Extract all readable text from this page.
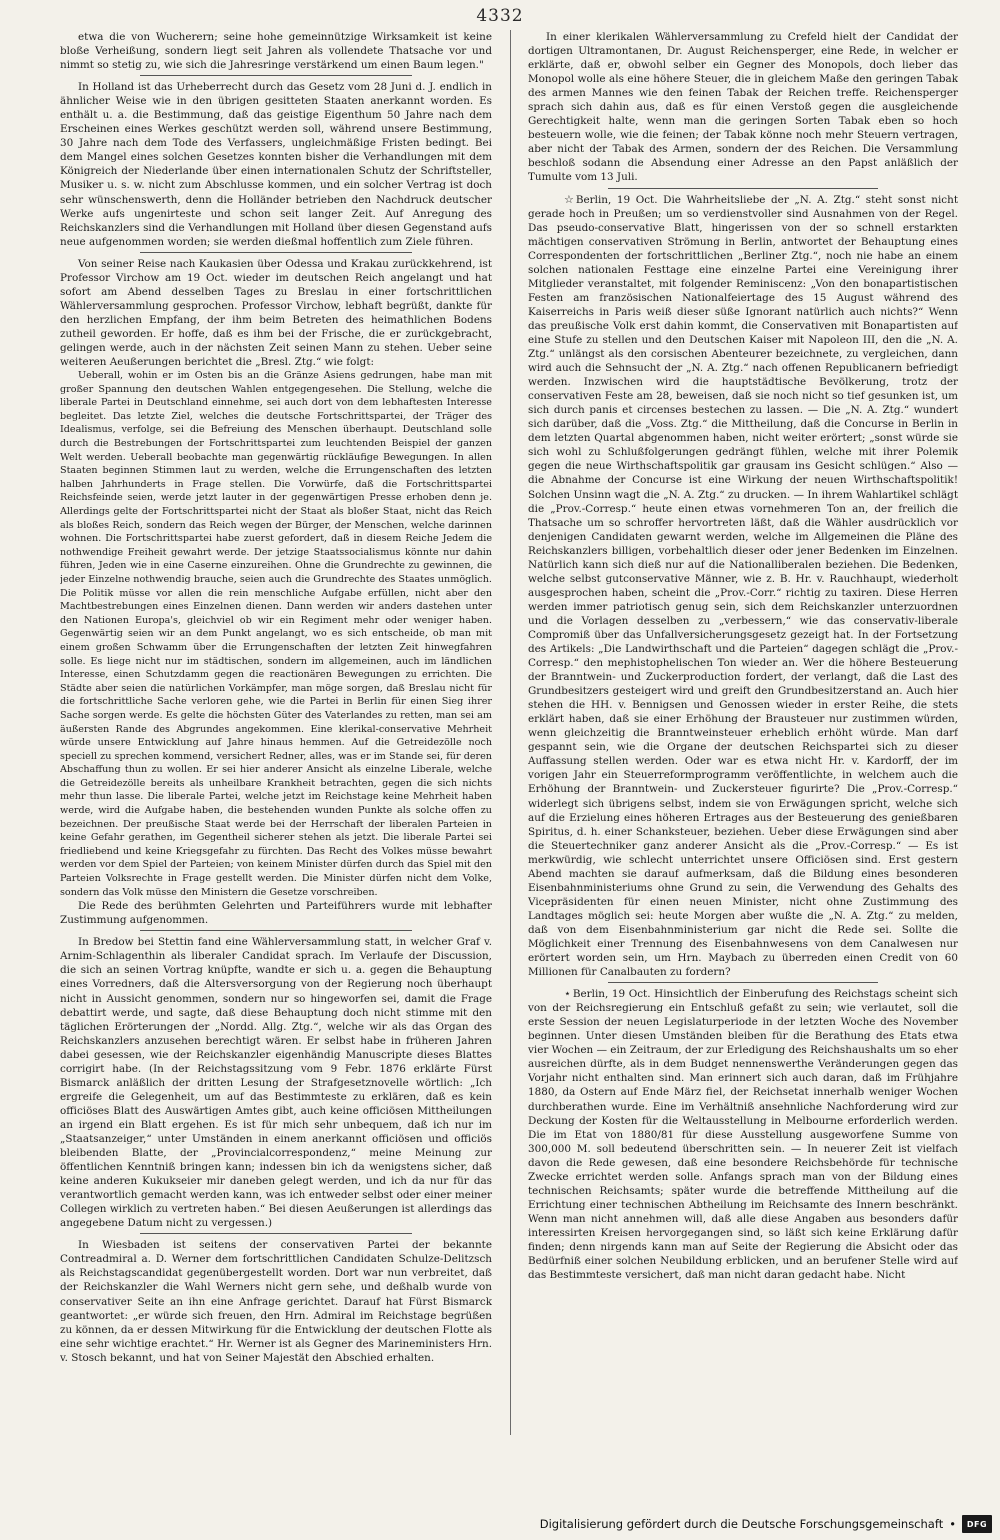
4332

etwa die von Wucherern; seine hohe gemeinnützige Wirksamkeit ist keine bloße Verheißung, sondern liegt seit Jahren als vollendete Thatsache vor und nimmt so stetig zu, wie sich die Jahresringe verstärkend um einen Baum legen."

In Holland ist das Urheberrecht durch das Gesetz vom 28 Juni d. J. endlich in ähnlicher Weise wie in den übrigen gesitteten Staaten anerkannt worden. Es enthält u. a. die Bestimmung, daß das geistige Eigenthum 50 Jahre nach dem Erscheinen eines Werkes geschützt werden soll, während unsere Bestimmung, 30 Jahre nach dem Tode des Verfassers, ungleichmäßige Fristen bedingt. Bei dem Mangel eines solchen Gesetzes konnten bisher die Verhandlungen mit dem Königreich der Niederlande über einen internationalen Schutz der Schriftsteller, Musiker u. s. w. nicht zum Abschlusse kommen, und ein solcher Vertrag ist doch sehr wünschenswerth, denn die Holländer betrieben den Nachdruck deutscher Werke aufs ungenirteste und schon seit langer Zeit. Auf Anregung des Reichskanzlers sind die Verhandlungen mit Holland über diesen Gegenstand aufs neue aufgenommen worden; sie werden dießmal hoffentlich zum Ziele führen.

Von seiner Reise nach Kaukasien über Odessa und Krakau zurückkehrend, ist Professor Virchow am 19 Oct. wieder im deutschen Reich angelangt und hat sofort am Abend desselben Tages zu Breslau in einer fortschrittlichen Wählerversammlung gesprochen. Professor Virchow, lebhaft begrüßt, dankte für den herzlichen Empfang, der ihm beim Betreten des heimathlichen Bodens zutheil geworden. Er hoffe, daß es ihm bei der Frische, die er zurückgebracht, gelingen werde, auch in der nächsten Zeit seinen Mann zu stehen. Ueber seine weiteren Aeußerungen berichtet die „Bresl. Ztg.“ wie folgt:

Ueberall, wohin er im Osten bis an die Gränze Asiens gedrungen, habe man mit großer Spannung den deutschen Wahlen entgegengesehen. Die Stellung, welche die liberale Partei in Deutschland einnehme, sei auch dort von dem lebhaftesten Interesse begleitet. Das letzte Ziel, welches die deutsche Fortschrittspartei, der Träger des Idealismus, verfolge, sei die Befreiung des Menschen überhaupt. Deutschland solle durch die Bestrebungen der Fortschrittspartei zum leuchtenden Beispiel der ganzen Welt werden. Ueberall beobachte man gegenwärtig rückläufige Bewegungen. In allen Staaten beginnen Stimmen laut zu werden, welche die Errungenschaften des letzten halben Jahrhunderts in Frage stellen. Die Vorwürfe, daß die Fortschrittspartei Reichsfeinde seien, werde jetzt lauter in der gegenwärtigen Presse erhoben denn je. Allerdings gelte der Fortschrittspartei nicht der Staat als bloßer Staat, nicht das Reich als bloßes Reich, sondern das Reich wegen der Bürger, der Menschen, welche darinnen wohnen. Die Fortschrittspartei habe zuerst gefordert, daß in diesem Reiche Jedem die nothwendige Freiheit gewahrt werde. Der jetzige Staatssocialismus könnte nur dahin führen, Jeden wie in eine Caserne einzureihen. Ohne die Grundrechte zu gewinnen, die jeder Einzelne nothwendig brauche, seien auch die Grundrechte des Staates unmöglich. Die Politik müsse vor allen die rein menschliche Aufgabe erfüllen, nicht aber den Machtbestrebungen eines Einzelnen dienen. Dann werden wir anders dastehen unter den Nationen Europa's, gleichviel ob wir ein Regiment mehr oder weniger haben. Gegenwärtig seien wir an dem Punkt angelangt, wo es sich entscheide, ob man mit einem großen Schwamm über die Errungenschaften der letzten Zeit hinwegfahren solle. Es liege nicht nur im städtischen, sondern im allgemeinen, auch im ländlichen Interesse, einen Schutzdamm gegen die reactionären Bewegungen zu errichten. Die Städte aber seien die natürlichen Vorkämpfer, man möge sorgen, daß Breslau nicht für die fortschrittliche Sache verloren gehe, wie die Partei in Berlin für einen Sieg ihrer Sache sorgen werde. Es gelte die höchsten Güter des Vaterlandes zu retten, man sei am äußersten Rande des Abgrundes angekommen. Eine klerikal-conservative Mehrheit würde unsere Entwicklung auf Jahre hinaus hemmen. Auf die Getreidezölle noch speciell zu sprechen kommend, versichert Redner, alles, was er im Stande sei, für deren Abschaffung thun zu wollen. Er sei hier anderer Ansicht als einzelne Liberale, welche die Getreidezölle bereits als unheilbare Krankheit betrachten, gegen die sich nichts mehr thun lasse. Die liberale Partei, welche jetzt im Reichstage keine Mehrheit haben werde, wird die Aufgabe haben, die bestehenden wunden Punkte als solche offen zu bezeichnen. Der preußische Staat werde bei der Herrschaft der liberalen Parteien in keine Gefahr gerathen, im Gegentheil sicherer stehen als jetzt. Die liberale Partei sei friedliebend und keine Kriegsgefahr zu fürchten. Das Recht des Volkes müsse bewahrt werden vor dem Spiel der Parteien; von keinem Minister dürfen durch das Spiel mit den Parteien Volksrechte in Frage gestellt werden. Die Minister dürfen nicht dem Volke, sondern das Volk müsse den Ministern die Gesetze vorschreiben.

Die Rede des berühmten Gelehrten und Parteiführers wurde mit lebhafter Zustimmung aufgenommen.

In Bredow bei Stettin fand eine Wählerversammlung statt, in welcher Graf v. Arnim-Schlagenthin als liberaler Candidat sprach. Im Verlaufe der Discussion, die sich an seinen Vortrag knüpfte, wandte er sich u. a. gegen die Behauptung eines Vorredners, daß die Altersversorgung von der Regierung noch überhaupt nicht in Aussicht genommen, sondern nur so hingeworfen sei, damit die Frage debattirt werde, und sagte, daß diese Behauptung doch nicht stimme mit den täglichen Erörterungen der „Nordd. Allg. Ztg.“, welche wir als das Organ des Reichskanzlers anzusehen berechtigt wären. Er selbst habe in früheren Jahren dabei gesessen, wie der Reichskanzler eigenhändig Manuscripte dieses Blattes corrigirt habe. (In der Reichstagssitzung vom 9 Febr. 1876 erklärte Fürst Bismarck anläßlich der dritten Lesung der Strafgesetznovelle wörtlich: „Ich ergreife die Gelegenheit, um auf das Bestimmteste zu erklären, daß es kein officiöses Blatt des Auswärtigen Amtes gibt, auch keine officiösen Mittheilungen an irgend ein Blatt ergehen. Es ist für mich sehr unbequem, daß ich nur im „Staatsanzeiger,“ unter Umständen in einem anerkannt officiösen und officiös bleibenden Blatte, der „Provincialcorrespondenz,“ meine Meinung zur öffentlichen Kenntniß bringen kann; indessen bin ich da wenigstens sicher, daß keine anderen Kukukseier mir daneben gelegt werden, und ich da nur für das verantwortlich gemacht werden kann, was ich entweder selbst oder einer meiner Collegen wirklich zu vertreten haben.“ Bei diesen Aeußerungen ist allerdings das angegebene Datum nicht zu vergessen.)

In Wiesbaden ist seitens der conservativen Partei der bekannte Contreadmiral a. D. Werner dem fortschrittlichen Candidaten Schulze-Delitzsch als Reichstagscandidat gegenübergestellt worden. Dort war nun verbreitet, daß der Reichskanzler die Wahl Werners nicht gern sehe, und deßhalb wurde von conservativer Seite an ihn eine Anfrage gerichtet. Darauf hat Fürst Bismarck geantwortet: „er würde sich freuen, den Hrn. Admiral im Reichstage begrüßen zu können, da er dessen Mitwirkung für die Entwicklung der deutschen Flotte als eine sehr wichtige erachtet.“ Hr. Werner ist als Gegner des Marineministers Hrn. v. Stosch bekannt, und hat von Seiner Majestät den Abschied erhalten.

In einer klerikalen Wählerversammlung zu Crefeld hielt der Candidat der dortigen Ultramontanen, Dr. August Reichensperger, eine Rede, in welcher er erklärte, daß er, obwohl selber ein Gegner des Monopols, doch lieber das Monopol wolle als eine höhere Steuer, die in gleichem Maße den geringen Tabak des armen Mannes wie den feinen Tabak der Reichen treffe. Reichensperger sprach sich dahin aus, daß es für einen Verstoß gegen die ausgleichende Gerechtigkeit halte, wenn man die geringen Sorten Tabak eben so hoch besteuern wolle, wie die feinen; der Tabak könne noch mehr Steuern vertragen, aber nicht der Tabak des Armen, sondern der des Reichen. Die Versammlung beschloß sodann die Absendung einer Adresse an den Papst anläßlich der Tumulte vom 13 Juli.

☆ Berlin, 19 Oct. Die Wahrheitsliebe der „N. A. Ztg.“ steht sonst nicht gerade hoch in Preußen; um so verdienstvoller sind Ausnahmen von der Regel. Das pseudo-conservative Blatt, hingerissen von der so schnell erstarkten mächtigen conservativen Strömung in Berlin, antwortet der Behauptung eines Correspondenten der fortschrittlichen „Berliner Ztg.“, noch nie habe an einem solchen nationalen Festtage eine einzelne Partei eine Vereinigung ihrer Mitglieder veranstaltet, mit folgender Reminiscenz: „Von den bonapartistischen Festen am französischen Nationalfeiertage des 15 August während des Kaiserreichs in Paris weiß dieser süße Ignorant natürlich auch nichts?“ Wenn das preußische Volk erst dahin kommt, die Conservativen mit Bonapartisten auf eine Stufe zu stellen und den Deutschen Kaiser mit Napoleon III, den die „N. A. Ztg.“ unlängst als den corsischen Abenteurer bezeichnete, zu vergleichen, dann wird auch die Sehnsucht der „N. A. Ztg.“ nach offenen Republicanern befriedigt werden. Inzwischen wird die hauptstädtische Bevölkerung, trotz der conservativen Feste am 28, beweisen, daß sie noch nicht so tief gesunken ist, um sich durch panis et circenses bestechen zu lassen. — Die „N. A. Ztg.“ wundert sich darüber, daß die „Voss. Ztg.“ die Mittheilung, daß die Concurse in Berlin in dem letzten Quartal abgenommen haben, nicht weiter erörtert; „sonst würde sie sich wohl zu Schlußfolgerungen gedrängt fühlen, welche mit ihrer Polemik gegen die neue Wirthschaftspolitik gar grausam ins Gesicht schlügen.“ Also — die Abnahme der Concurse ist eine Wirkung der neuen Wirthschaftspolitik! Solchen Unsinn wagt die „N. A. Ztg.“ zu drucken. — In ihrem Wahlartikel schlägt die „Prov.-Corresp.“ heute einen etwas vornehmeren Ton an, der freilich die Thatsache um so schroffer hervortreten läßt, daß die Wähler ausdrücklich vor denjenigen Candidaten gewarnt werden, welche im Allgemeinen die Pläne des Reichskanzlers billigen, vorbehaltlich dieser oder jener Bedenken im Einzelnen. Natürlich kann sich dieß nur auf die Nationalliberalen beziehen. Die Bedenken, welche selbst gutconservative Männer, wie z. B. Hr. v. Rauchhaupt, wiederholt ausgesprochen haben, scheint die „Prov.-Corr.“ richtig zu taxiren. Diese Herren werden immer patriotisch genug sein, sich dem Reichskanzler unterzuordnen und die Vorlagen desselben zu „verbessern,“ wie das conservativ-liberale Compromiß über das Unfallversicherungsgesetz gezeigt hat. In der Fortsetzung des Artikels: „Die Landwirthschaft und die Parteien“ dagegen schlägt die „Prov.-Corresp.“ den mephistophelischen Ton wieder an. Wer die höhere Besteuerung der Branntwein- und Zuckerproduction fordert, der verlangt, daß die Last des Grundbesitzers gesteigert wird und greift den Grundbesitzerstand an. Auch hier stehen die HH. v. Bennigsen und Genossen wieder in erster Reihe, die stets erklärt haben, daß sie einer Erhöhung der Brausteuer nur zustimmen würden, wenn gleichzeitig die Branntweinsteuer erheblich erhöht würde. Man darf gespannt sein, wie die Organe der deutschen Reichspartei sich zu dieser Auffassung stellen werden. Oder war es etwa nicht Hr. v. Kardorff, der im vorigen Jahr ein Steuerreformprogramm veröffentlichte, in welchem auch die Erhöhung der Branntwein- und Zuckersteuer figurirte? Die „Prov.-Corresp.“ widerlegt sich übrigens selbst, indem sie von Erwägungen spricht, welche sich auf die Erzielung eines höheren Ertrages aus der Besteuerung des genießbaren Spiritus, d. h. einer Schanksteuer, beziehen. Ueber diese Erwägungen sind aber die Steuertechniker ganz anderer Ansicht als die „Prov.-Corresp.“ — Es ist merkwürdig, wie schlecht unterrichtet unsere Officiösen sind. Erst gestern Abend machten sie darauf aufmerksam, daß die Bildung eines besonderen Eisenbahnministeriums ohne Grund zu sein, die Verwendung des Gehalts des Vicepräsidenten für einen neuen Minister, nicht ohne Zustimmung des Landtages möglich sei: heute Morgen aber wußte die „N. A. Ztg.“ zu melden, daß von dem Eisenbahnministerium gar nicht die Rede sei. Sollte die Möglichkeit einer Trennung des Eisenbahnwesens von dem Canalwesen nur erörtert worden sein, um Hrn. Maybach zu überreden einen Credit von 60 Millionen für Canalbauten zu fordern?

⋆ Berlin, 19 Oct. Hinsichtlich der Einberufung des Reichstags scheint sich von der Reichsregierung ein Entschluß gefaßt zu sein; wie verlautet, soll die erste Session der neuen Legislaturperiode in der letzten Woche des November beginnen. Unter diesen Umständen bleiben für die Berathung des Etats etwa vier Wochen — ein Zeitraum, der zur Erledigung des Reichshaushalts um so eher ausreichen dürfte, als in dem Budget nennenswerthe Veränderungen gegen das Vorjahr nicht enthalten sind. Man erinnert sich auch daran, daß im Frühjahre 1880, da Ostern auf Ende März fiel, der Reichsetat innerhalb weniger Wochen durchberathen wurde. Eine im Verhältniß ansehnliche Nachforderung wird zur Deckung der Kosten für die Weltausstellung in Melbourne erforderlich werden. Die im Etat von 1880/81 für diese Ausstellung ausgeworfene Summe von 300,000 M. soll bedeutend überschritten sein. — In neuerer Zeit ist vielfach davon die Rede gewesen, daß eine besondere Reichsbehörde für technische Zwecke errichtet werden solle. Anfangs sprach man von der Bildung eines technischen Reichsamts; später wurde die betreffende Mittheilung auf die Errichtung einer technischen Abtheilung im Reichsamte des Innern beschränkt. Wenn man nicht annehmen will, daß alle diese Angaben aus besonders dafür interessirten Kreisen hervorgegangen sind, so läßt sich keine Erklärung dafür finden; denn nirgends kann man auf Seite der Regierung die Absicht oder das Bedürfniß einer solchen Neubildung erblicken, und an berufener Stelle wird auf das Bestimmteste versichert, daß man nicht daran gedacht habe. Nicht

Digitalisierung gefördert durch die Deutsche Forschungsgemeinschaft •	DFG
